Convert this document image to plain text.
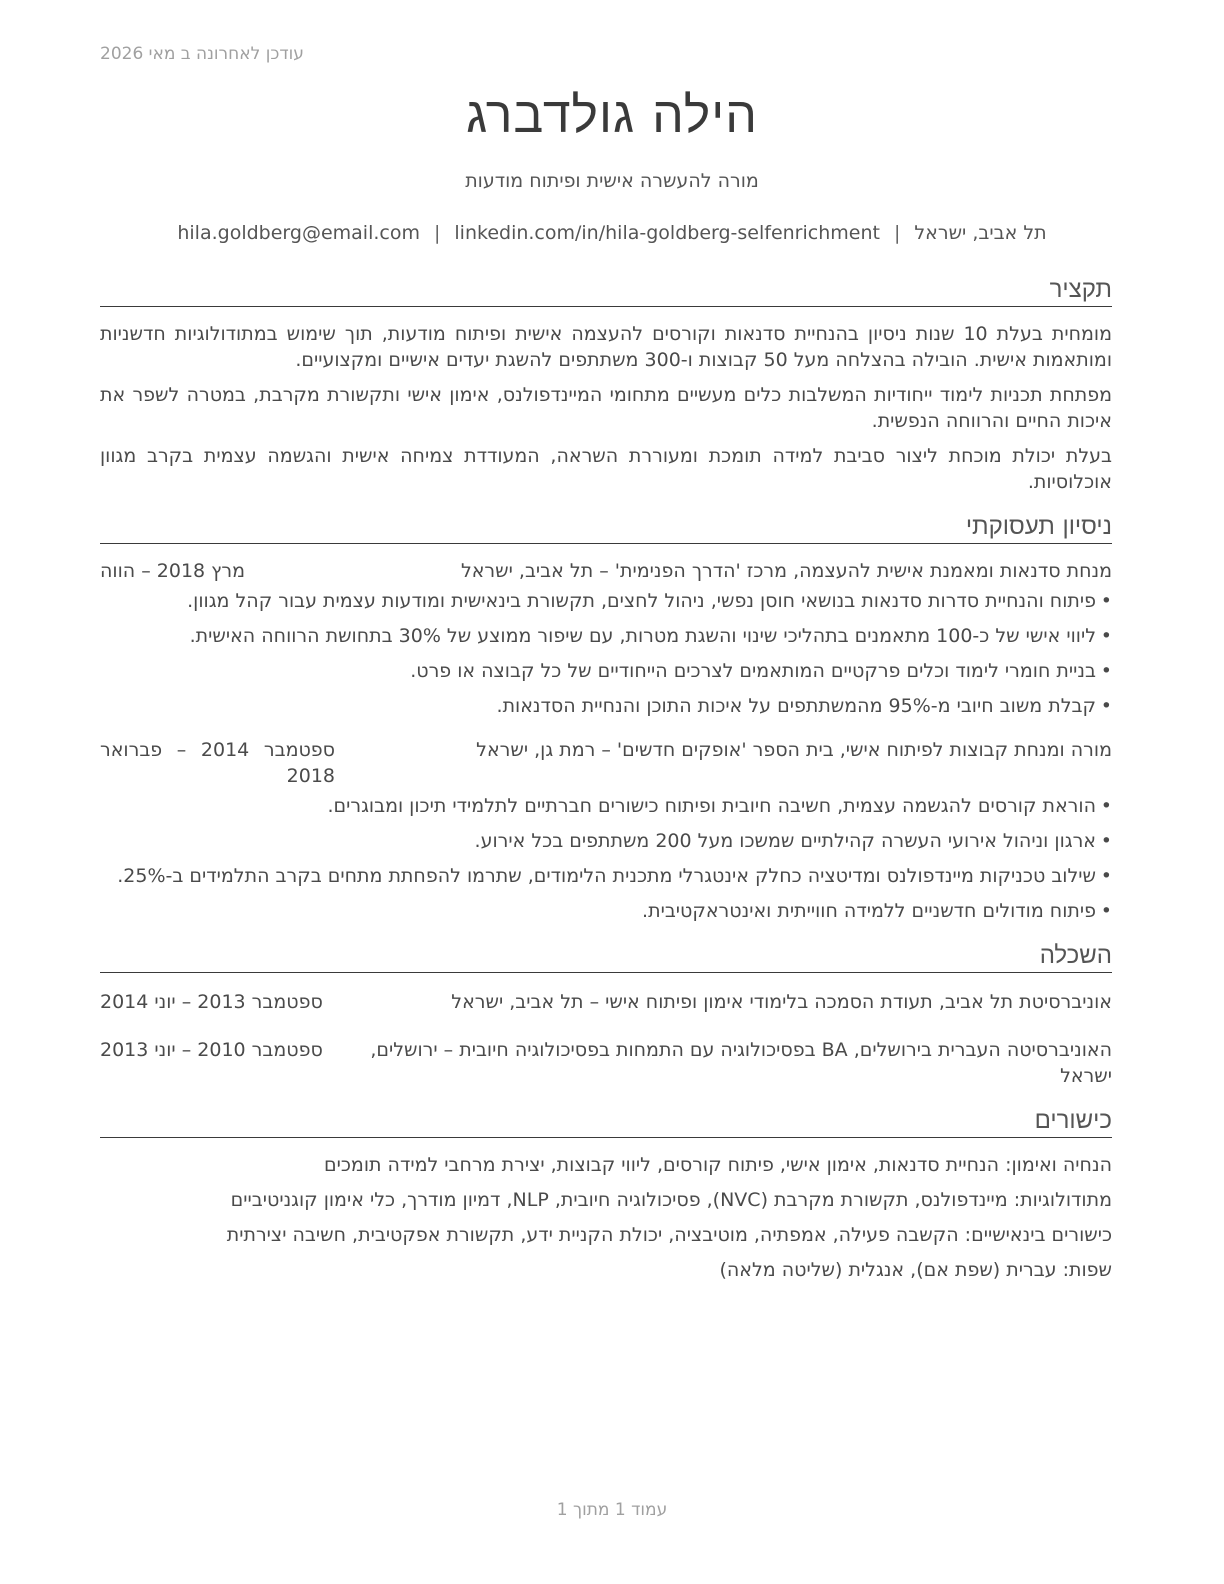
עודכן לאחרונה ב מאי 2026
הילה גולדברג
מורה להעשרה אישית ופיתוח מודעות
תל אביב, ישראל|hila.goldberg@email.com | linkedin.com/in/hila-goldberg-selfenrichment
תקציר
מומחית בעלת 10 שנות ניסיון בהנחיית סדנאות וקורסים להעצמה אישית ופיתוח מודעות, תוך שימוש במתודולוגיות חדשניות ומותאמות אישית. הובילה בהצלחה מעל 50 קבוצות ו-300 משתתפים להשגת יעדים אישיים ומקצועיים.
מפתחת תכניות לימוד ייחודיות המשלבות כלים מעשיים מתחומי המיינדפולנס, אימון אישי ותקשורת מקרבת, במטרה לשפר את איכות החיים והרווחה הנפשית.
בעלת יכולת מוכחת ליצור סביבת למידה תומכת ומעוררת השראה, המעודדת צמיחה אישית והגשמה עצמית בקרב מגוון אוכלוסיות.
ניסיון תעסוקתי
מנחת סדנאות ומאמנת אישית להעצמה, מרכז 'הדרך הפנימית' – תל אביב, ישראל
מרץ 2018 – הווה
• פיתוח והנחיית סדרות סדנאות בנושאי חוסן נפשי, ניהול לחצים, תקשורת בינאישית ומודעות עצמית עבור קהל מגוון.
• ליווי אישי של כ-100 מתאמנים בתהליכי שינוי והשגת מטרות, עם שיפור ממוצע של 30% בתחושת הרווחה האישית.
• בניית חומרי לימוד וכלים פרקטיים המותאמים לצרכים הייחודיים של כל קבוצה או פרט.
• קבלת משוב חיובי מ-95% מהמשתתפים על איכות התוכן והנחיית הסדנאות.
מורה ומנחת קבוצות לפיתוח אישי, בית הספר 'אופקים חדשים' – רמת גן, ישראל
ספטמבר 2014 – פברואר 2018
• הוראת קורסים להגשמה עצמית, חשיבה חיובית ופיתוח כישורים חברתיים לתלמידי תיכון ומבוגרים.
• ארגון וניהול אירועי העשרה קהילתיים שמשכו מעל 200 משתתפים בכל אירוע.
• שילוב טכניקות מיינדפולנס ומדיטציה כחלק אינטגרלי מתכנית הלימודים, שתרמו להפחתת מתחים בקרב התלמידים ב-25%.
• פיתוח מודולים חדשניים ללמידה חווייתית ואינטראקטיבית.
השכלה
אוניברסיטת תל אביב, תעודת הסמכה בלימודי אימון ופיתוח אישי – תל אביב, ישראל
ספטמבר 2013 – יוני 2014
האוניברסיטה העברית בירושלים, BA בפסיכולוגיה עם התמחות בפסיכולוגיה חיובית – ירושלים, ישראל
ספטמבר 2010 – יוני 2013
כישורים
הנחיה ואימון: הנחיית סדנאות, אימון אישי, פיתוח קורסים, ליווי קבוצות, יצירת מרחבי למידה תומכים
מתודולוגיות: מיינדפולנס, תקשורת מקרבת (NVC), פסיכולוגיה חיובית, NLP, דמיון מודרך, כלי אימון קוגניטיביים
כישורים בינאישיים: הקשבה פעילה, אמפתיה, מוטיבציה, יכולת הקניית ידע, תקשורת אפקטיבית, חשיבה יצירתית
שפות: עברית (שפת אם), אנגלית (שליטה מלאה)
עמוד 1 מתוך 1
